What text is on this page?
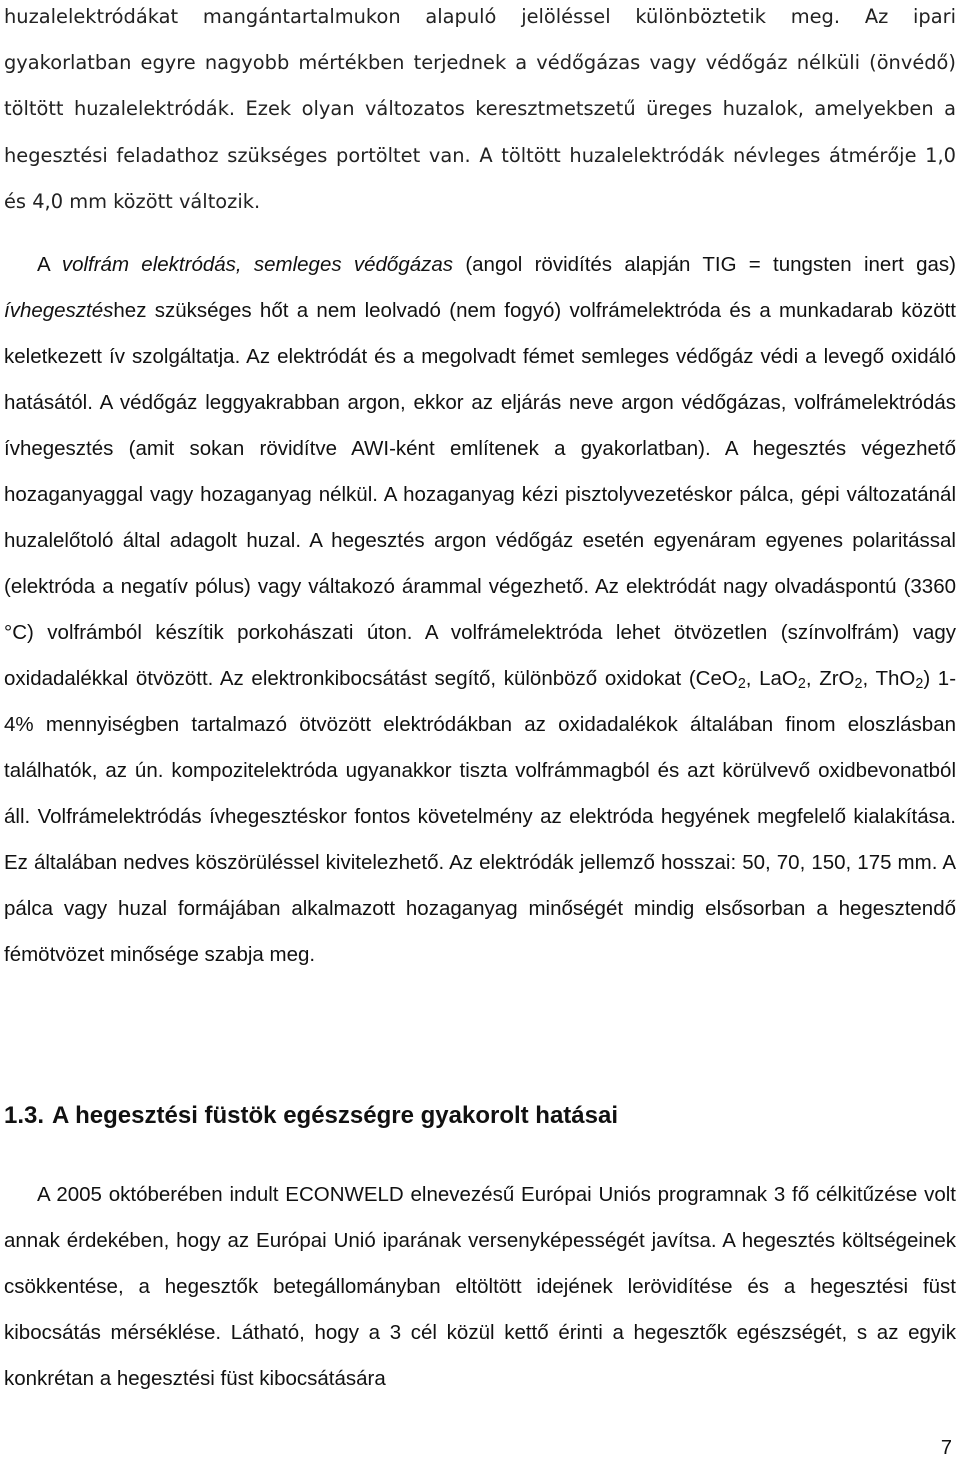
huzalelektródákat mangántartalmukon alapuló jelöléssel különböztetik meg. Az ipari gyakorlatban egyre nagyobb mértékben terjednek a védőgázas vagy védőgáz nélküli (önvédő) töltött huzalelektródák. Ezek olyan változatos keresztmetszetű üreges huzalok, amelyekben a hegesztési feladathoz szükséges portöltet van. A töltött huzalelektródák névleges átmérője 1,0 és 4,0 mm között változik.

A volfrám elektródás, semleges védőgázas (angol rövidítés alapján TIG = tungsten inert gas) ívhegesztéshez szükséges hőt a nem leolvadó (nem fogyó) volfrámelektróda és a munkadarab között keletkezett ív szolgáltatja. Az elektródát és a megolvadt fémet semleges védőgáz védi a levegő oxidáló hatásától. A védőgáz leggyakrabban argon, ekkor az eljárás neve argon védőgázas, volfrámelektródás ívhegesztés (amit sokan rövidítve AWI-ként említenek a gyakorlatban). A hegesztés végezhető hozaganyaggal vagy hozaganyag nélkül. A hozaganyag kézi pisztolyvezetéskor pálca, gépi változatánál huzalelőtoló által adagolt huzal. A hegesztés argon védőgáz esetén egyenáram egyenes polaritással (elektróda a negatív pólus) vagy váltakozó árammal végezhető. Az elektródát nagy olvadáspontú (3360 °C) volfrámból készítik porkohászati úton. A volfrámelektróda lehet ötvözetlen (színvolfrám) vagy oxidadalékkal ötvözött. Az elektronkibocsátást segítő, különböző oxidokat (CeO$_2$, LaO$_2$, ZrO$_2$, ThO$_2$) 1-4% mennyiségben tartalmazó ötvözött elektródákban az oxidadalékok általában finom eloszlásban találhatók, az ún. kompozitelektróda ugyanakkor tiszta volfrámmagból és azt körülvevő oxidbevonatból áll. Volfrámelektródás ívhegesztéskor fontos követelmény az elektróda hegyének megfelelő kialakítása. Ez általában nedves köszörüléssel kivitelezhető. Az elektródák jellemző hosszai: 50, 70, 150, 175 mm. A pálca vagy huzal formájában alkalmazott hozaganyag minőségét mindig elsősorban a hegesztendő fémötvözet minősége szabja meg.

1.3. A hegesztési füstök egészségre gyakorolt hatásai

A 2005 októberében indult ECONWELD elnevezésű Európai Uniós programnak 3 fő célkitűzése volt annak érdekében, hogy az Európai Unió iparának versenyképességét javítsa. A hegesztés költségeinek csökkentése, a hegesztők betegállományban eltöltött idejének lerövidítése és a hegesztési füst kibocsátás mérséklése. Látható, hogy a 3 cél közül kettő érinti a hegesztők egészségét, s az egyik konkrétan a hegesztési füst kibocsátására

7
